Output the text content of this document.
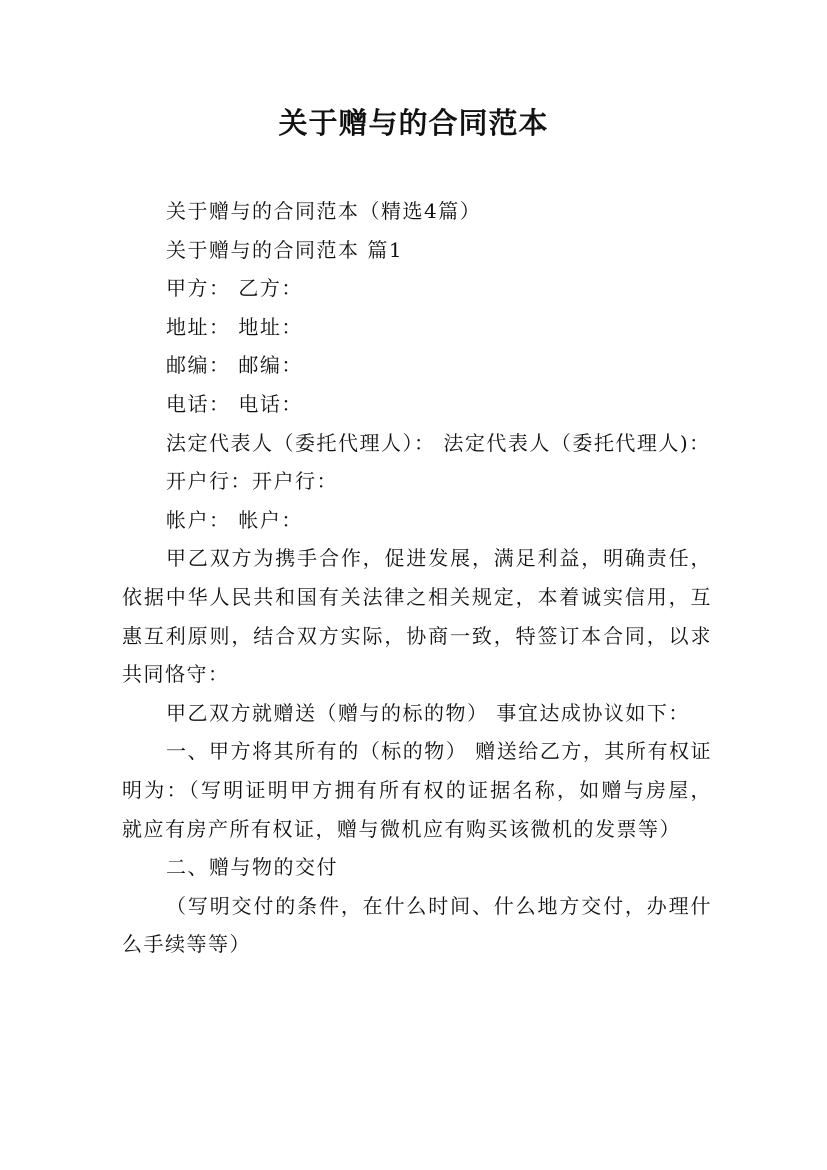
关于赠与的合同范本

关于赠与的合同范本（精选4篇）

关于赠与的合同范本 篇1

甲方： 乙方：

地址： 地址：

邮编： 邮编：

电话： 电话：

法定代表人（委托代理人）： 法定代表人（委托代理人)：

开户行：开户行：

帐户： 帐户：

甲乙双方为携手合作，促进发展，满足利益，明确责任，依据中华人民共和国有关法律之相关规定，本着诚实信用，互惠互利原则，结合双方实际，协商一致，特签订本合同，以求共同恪守：

甲乙双方就赠送（赠与的标的物） 事宜达成协议如下：

一、甲方将其所有的（标的物） 赠送给乙方，其所有权证明为：（写明证明甲方拥有所有权的证据名称，如赠与房屋，就应有房产所有权证，赠与微机应有购买该微机的发票等）

二、赠与物的交付

（写明交付的条件，在什么时间、什么地方交付，办理什么手续等等）
